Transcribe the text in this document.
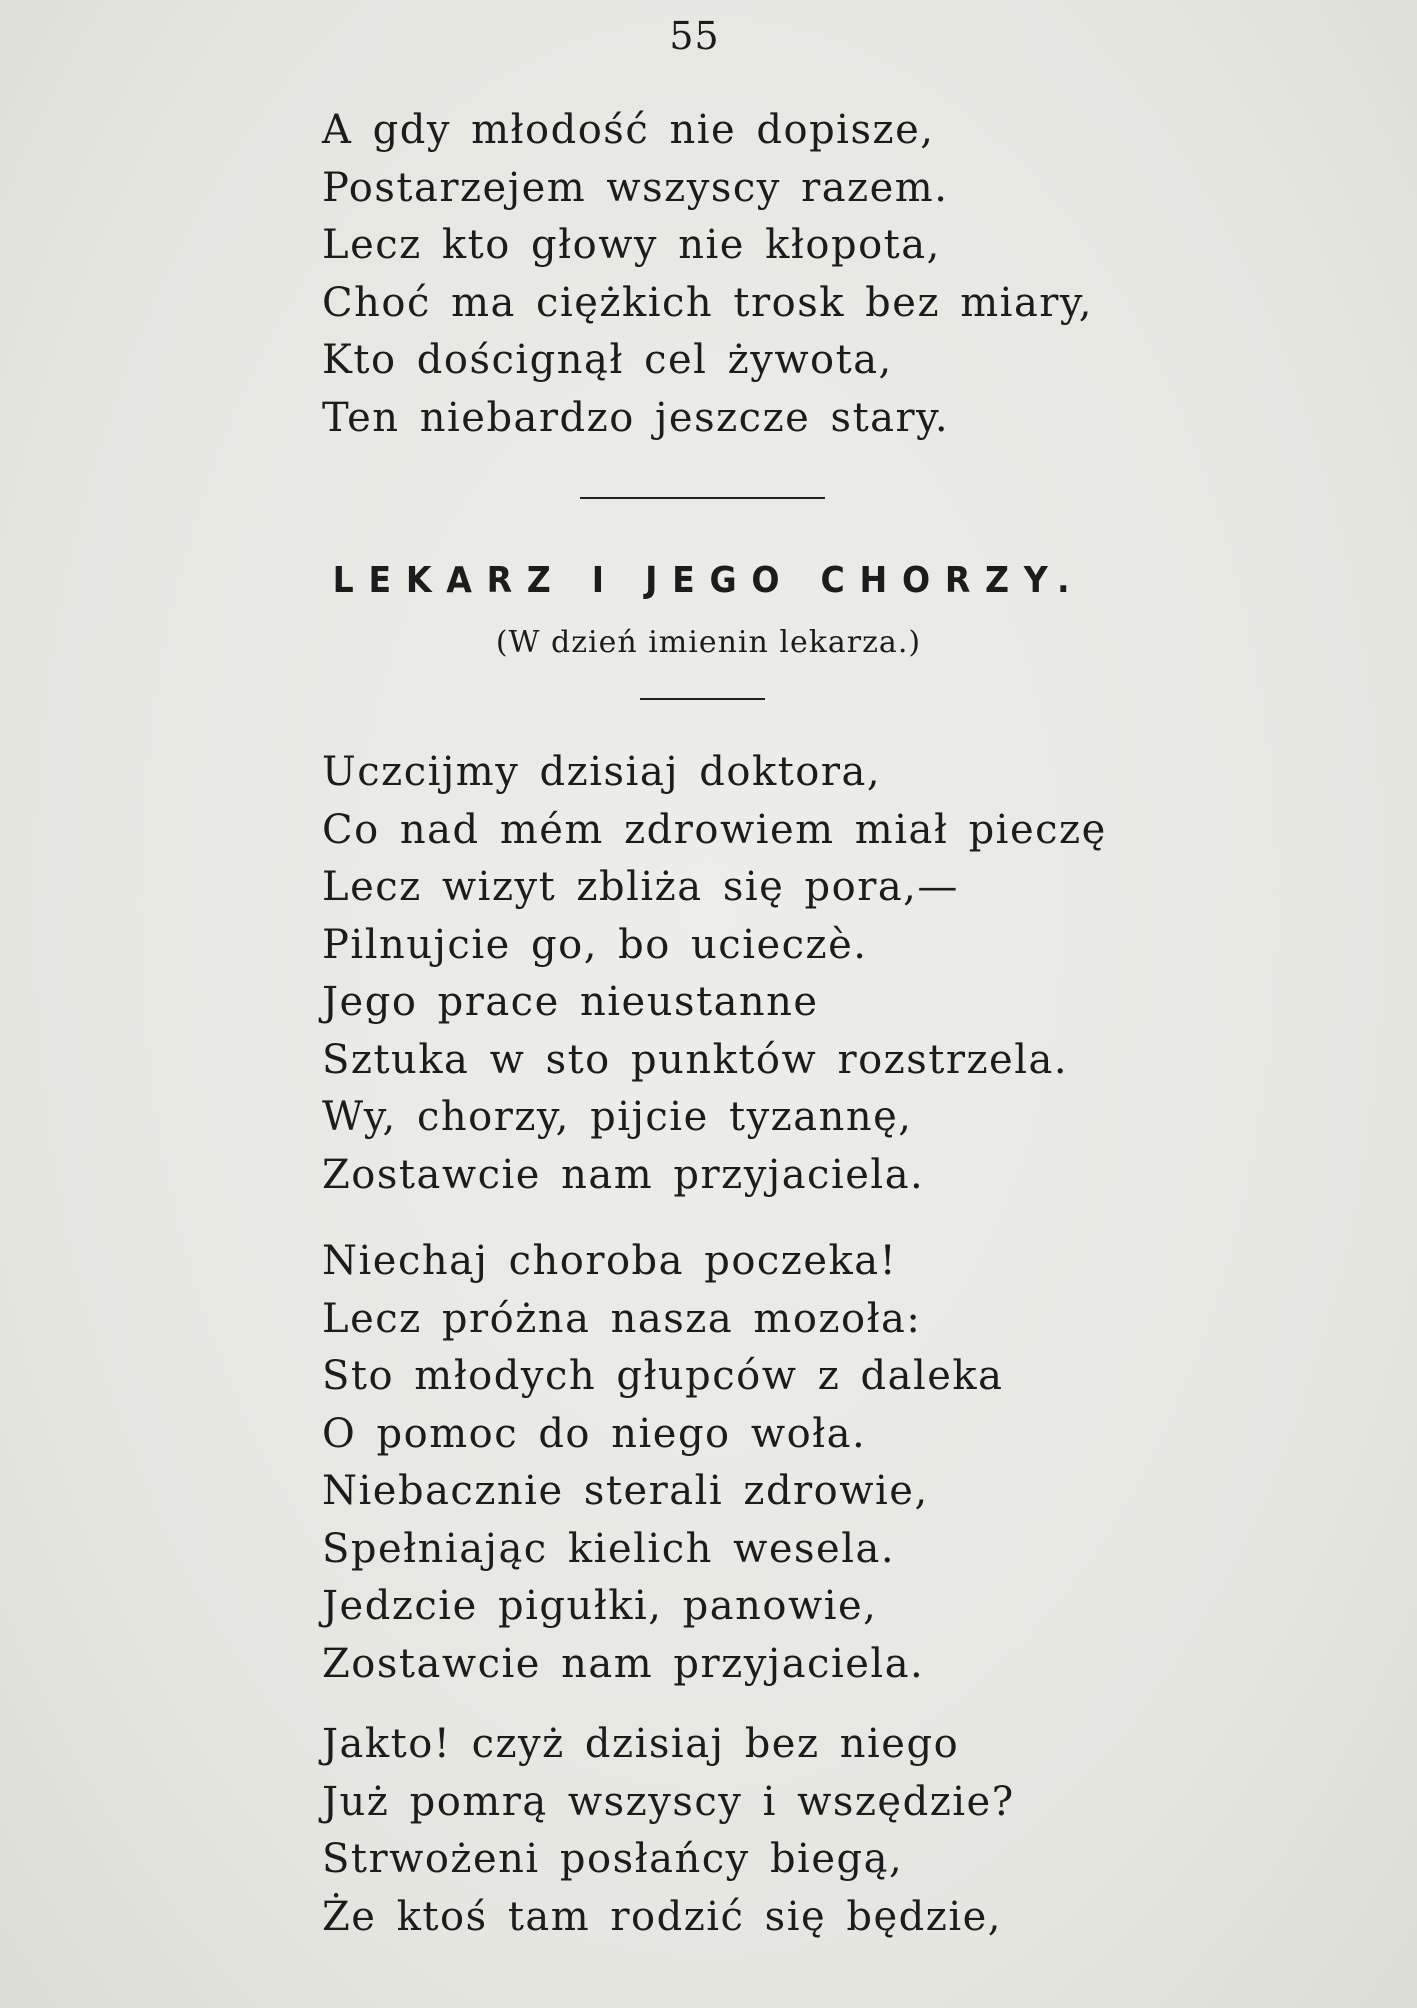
55
A gdy młodość nie dopisze,
Postarzejem wszyscy razem.
Lecz kto głowy nie kłopota,
Choć ma ciężkich trosk bez miary,
Kto doścignął cel żywota,
Ten niebardzo jeszcze stary.
LEKARZ I JEGO CHORZY.
(W dzień imienin lekarza.)
Uczcijmy dzisiaj doktora,
Co nad mém zdrowiem miał pieczę
Lecz wizyt zbliża się pora,—
Pilnujcie go, bo ucieczè.
Jego prace nieustanne
Sztuka w sto punktów rozstrzela.
Wy, chorzy, pijcie tyzannę,
Zostawcie nam przyjaciela.
Niechaj choroba poczeka!
Lecz próżna nasza mozoła:
Sto młodych głupców z daleka
O pomoc do niego woła.
Niebacznie sterali zdrowie,
Spełniając kielich wesela.
Jedzcie pigułki, panowie,
Zostawcie nam przyjaciela.
Jakto! czyż dzisiaj bez niego
Już pomrą wszyscy i wszędzie?
Strwożeni posłańcy biegą,
Że ktoś tam rodzić się będzie,
